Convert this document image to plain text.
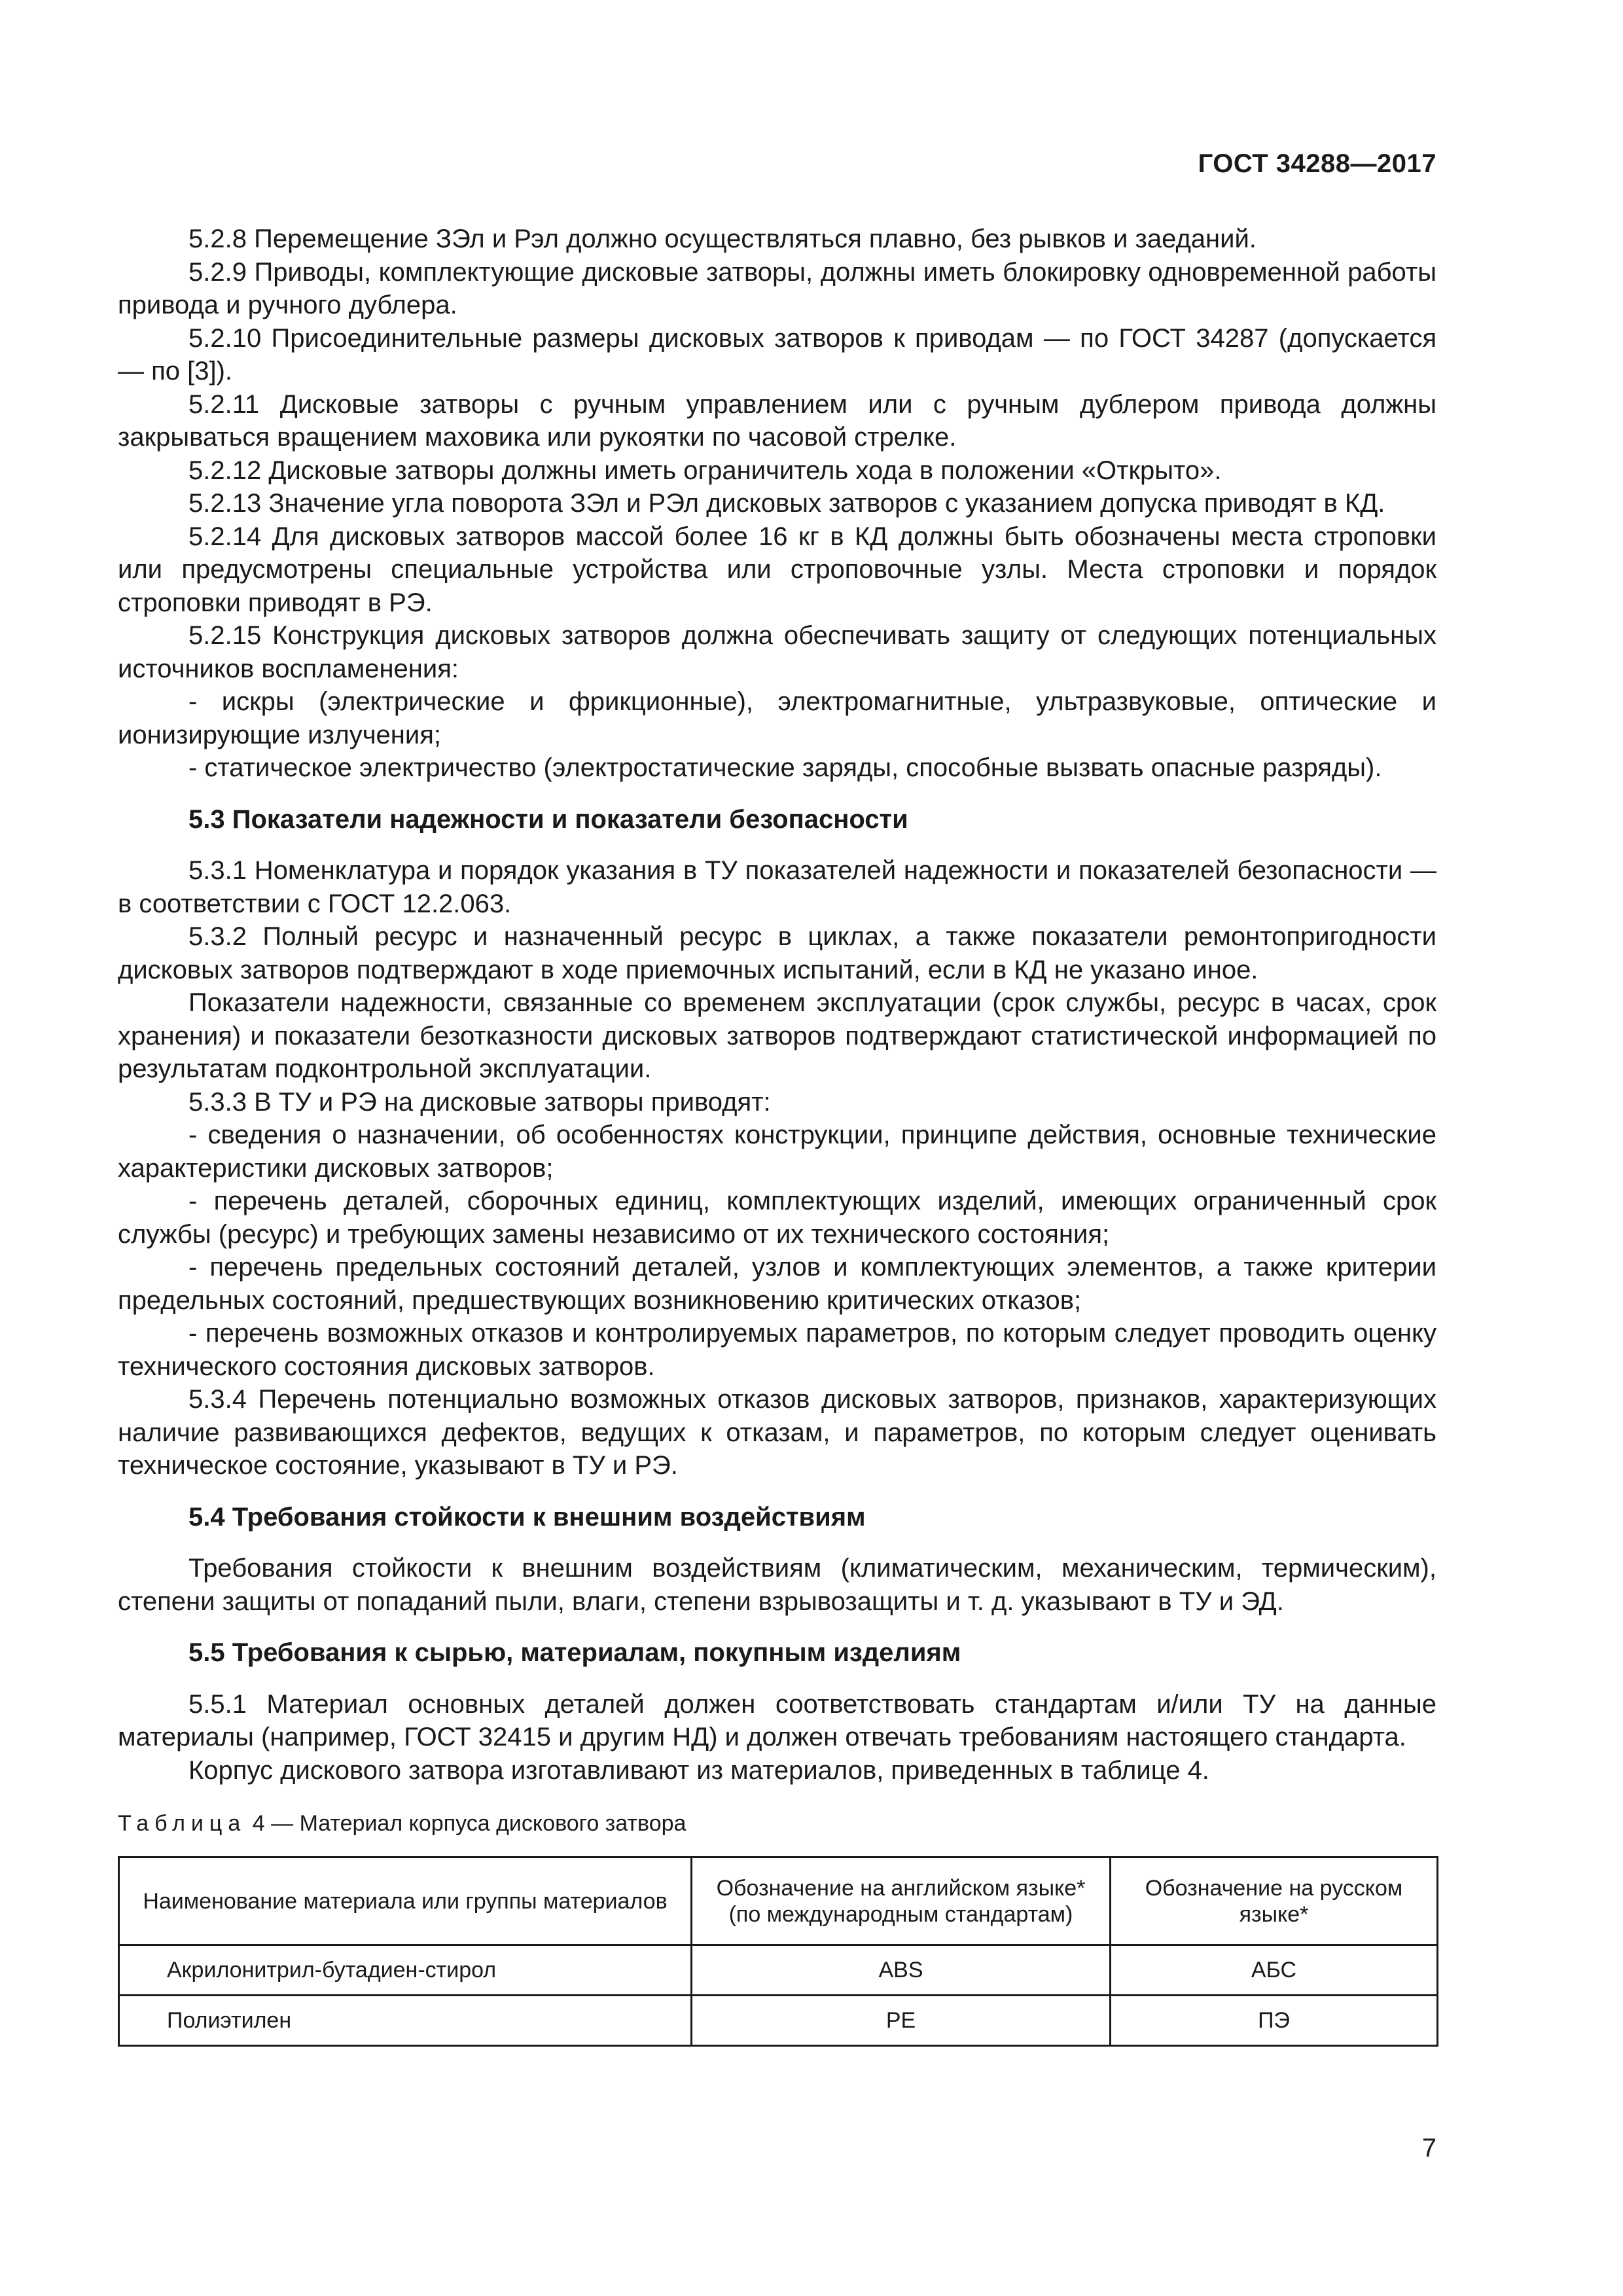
ГОСТ 34288—2017

5.2.8 Перемещение ЗЭл и Рэл должно осуществляться плавно, без рывков и заеданий.

5.2.9 Приводы, комплектующие дисковые затворы, должны иметь блокировку одновременной работы привода и ручного дублера.

5.2.10 Присоединительные размеры дисковых затворов к приводам — по ГОСТ 34287 (допускается — по [3]).

5.2.11 Дисковые затворы с ручным управлением или с ручным дублером привода должны закрываться вращением маховика или рукоятки по часовой стрелке.

5.2.12 Дисковые затворы должны иметь ограничитель хода в положении «Открыто».

5.2.13 Значение угла поворота ЗЭл и РЭл дисковых затворов с указанием допуска приводят в КД.

5.2.14 Для дисковых затворов массой более 16 кг в КД должны быть обозначены места строповки или предусмотрены специальные устройства или строповочные узлы. Места строповки и порядок строповки приводят в РЭ.

5.2.15 Конструкция дисковых затворов должна обеспечивать защиту от следующих потенциальных источников воспламенения:

- искры (электрические и фрикционные), электромагнитные, ультразвуковые, оптические и ионизирующие излучения;

- статическое электричество (электростатические заряды, способные вызвать опасные разряды).

5.3 Показатели надежности и показатели безопасности

5.3.1 Номенклатура и порядок указания в ТУ показателей надежности и показателей безопасности — в соответствии с ГОСТ 12.2.063.

5.3.2 Полный ресурс и назначенный ресурс в циклах, а также показатели ремонтопригодности дисковых затворов подтверждают в ходе приемочных испытаний, если в КД не указано иное.

Показатели надежности, связанные со временем эксплуатации (срок службы, ресурс в часах, срок хранения) и показатели безотказности дисковых затворов подтверждают статистической информацией по результатам подконтрольной эксплуатации.

5.3.3 В ТУ и РЭ на дисковые затворы приводят:

- сведения о назначении, об особенностях конструкции, принципе действия, основные технические характеристики дисковых затворов;

- перечень деталей, сборочных единиц, комплектующих изделий, имеющих ограниченный срок службы (ресурс) и требующих замены независимо от их технического состояния;

- перечень предельных состояний деталей, узлов и комплектующих элементов, а также критерии предельных состояний, предшествующих возникновению критических отказов;

- перечень возможных отказов и контролируемых параметров, по которым следует проводить оценку технического состояния дисковых затворов.

5.3.4 Перечень потенциально возможных отказов дисковых затворов, признаков, характеризующих наличие развивающихся дефектов, ведущих к отказам, и параметров, по которым следует оценивать техническое состояние, указывают в ТУ и РЭ.

5.4 Требования стойкости к внешним воздействиям

Требования стойкости к внешним воздействиям (климатическим, механическим, термическим), степени защиты от попаданий пыли, влаги, степени взрывозащиты и т. д. указывают в ТУ и ЭД.

5.5 Требования к сырью, материалам, покупным изделиям

5.5.1 Материал основных деталей должен соответствовать стандартам и/или ТУ на данные материалы (например, ГОСТ 32415 и другим НД) и должен отвечать требованиям настоящего стандарта.

Корпус дискового затвора изготавливают из материалов, приведенных в таблице 4.

Таблица 4 — Материал корпуса дискового затвора

Наименование материала или группы материалов	Обозначение на английском языке* (по международным стандартам)	Обозначение на русском языке*
Акрилонитрил-бутадиен-стирол	ABS	АБС
Полиэтилен	PE	ПЭ
7
